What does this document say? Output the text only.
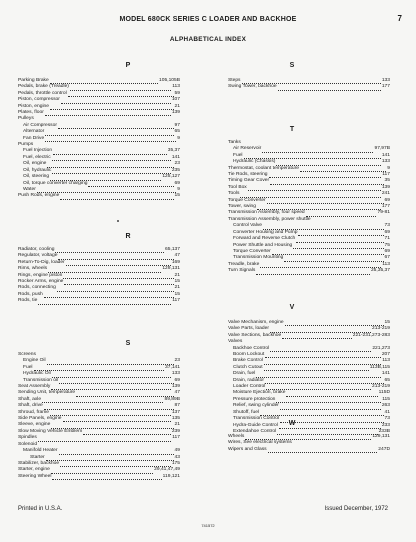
MODEL 680CK SERIES C LOADER AND BACKHOE	7
ALPHABETICAL INDEX
P
Parking Brake	105,105B
Pedals, brake (Treadle)	113
Pedals, throttle control	59
Piston, compressor	107
Piston, engine	21
Plates, floor	139
Pulleys
Air Compressor	97
Alternator	65
Fan Drive	9
Pumps
Fuel Injection	35,37
Fuel, electric	141
Oil, engine	23
Oil, hydraulic	235
Oil, steering	125,127
Oil, torque converter charging	69
Water	9
Push Rods, engine	15
R
Radiator, cooling	65,137
Regulator, voltage	47
Return-To-Dig, loader	169
Rims, wheels	129,131
Rings, engine piston	21
Rocker Arms, engine	15
Rods, connecting	21
Rods, push	15
Rods, tie	117
S
Screens
Engine Oil	23
Fuel	37,141
Hydraulic Oil	133
Transmission oil	69
Seat Assembly	139
Sending Unit, temperature	47
Shaft, axle	89,89B
Shaft, drive	87
Shroud, frame	137
Side Panels, engine	135
Sleeve, engine	21
Slow Moving Vehicle Emblem	239
Spindles	117
Solenoid
Manifold Heater	49
Starter	43
Stabilizer, backhoe	175
Starter, engine	29,41,47,49
Steering Wheel	119,121
S
Steps	133
Swing Tower, backhoe	177
T
Tanks
Air Reservoir	97,97B
Fuel	141
Hydraulic (Chassis)	133
Thermostat, coolant temperature	9
Tie Rods, steering	117
Timing Gear Cover	35
Tool Box	139
Tools	241
Torque Converter	69
Tower, swing	177
Transmission Assembly, four speed	79-81
Transmission Assembly, power shuttle
Control Valve	73
Converter Housing and Pump	69
Forward and Reverse Clutch	71
Power Shuttle and Housing	75
Torque Converter	69
Transmission Mounting	67
Treadle, brake	113
Turn Signals	25,35,37
V
Valve Mechanism, engine	15
Valve Parts, loader	213-219
Valve Sections, backhoe	221-231,273-283
Valves
Backhoe Control	221,273
Boom Lockout	207
Brake Control	113
Clutch Cutout	113B,115
Drain, fuel	141
Drain, radiator	65
Loader Control	213-219
Moisture Ejection, brake	115D
Pressure protection	115
Relief, swing cylinder	263
Shutoff, fuel	41
Transmission Control	73
Hydra-Guide Control	233
Extendahoe Control	233B
W
Wheels	129,131
Wires, See electrical systems
Wipers and Glass	247D
Printed in U.S.A.	Issued December, 1972
741572
